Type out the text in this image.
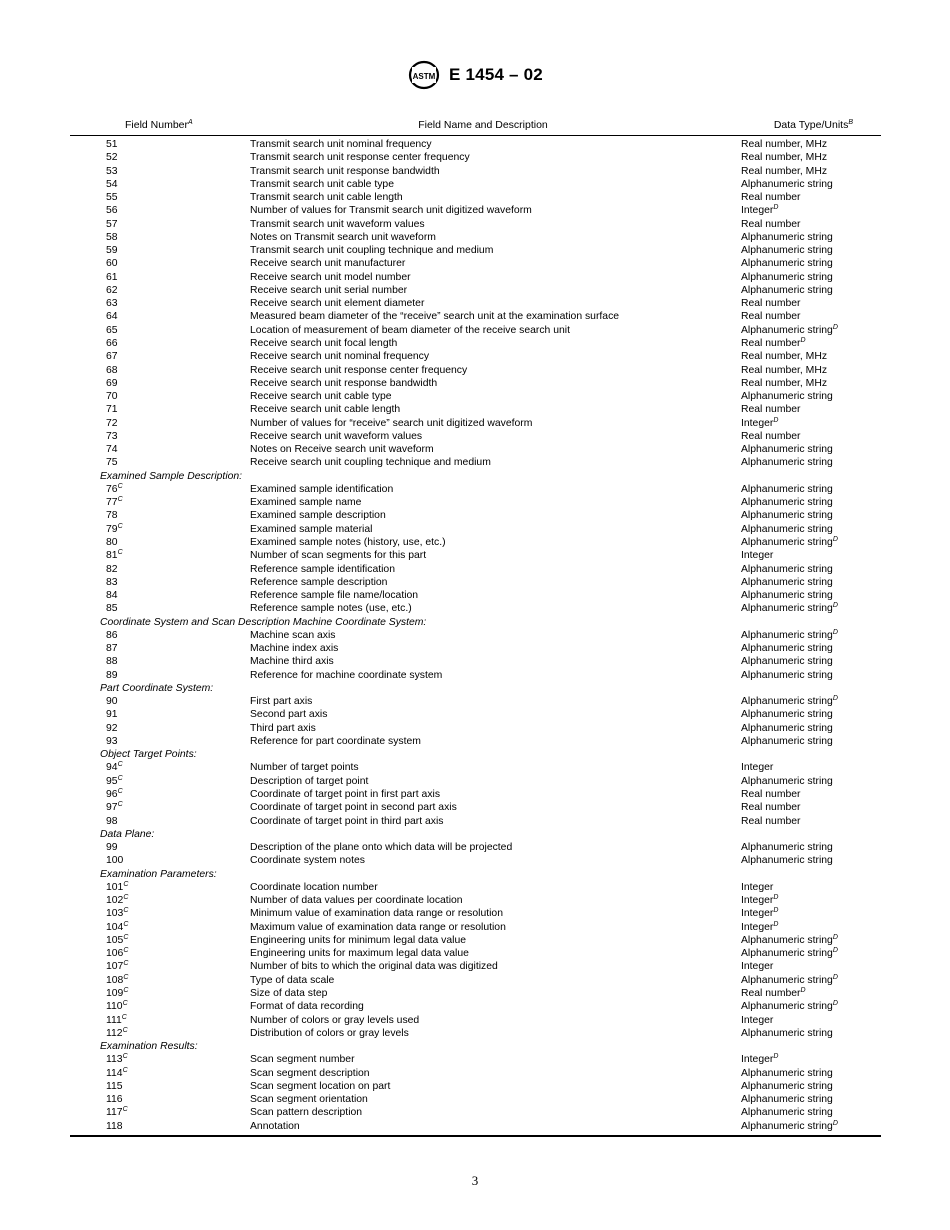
ASTM E 1454 – 02
Field Number$^A$	Field Name and Description	Data Type/Units$^B$
51	Transmit search unit nominal frequency	Real number, MHz
52	Transmit search unit response center frequency	Real number, MHz
53	Transmit search unit response bandwidth	Real number, MHz
54	Transmit search unit cable type	Alphanumeric string
55	Transmit search unit cable length	Real number
56	Number of values for Transmit search unit digitized waveform	Integer$^D$
57	Transmit search unit waveform values	Real number
58	Notes on Transmit search unit waveform	Alphanumeric string
59	Transmit search unit coupling technique and medium	Alphanumeric string
60	Receive search unit manufacturer	Alphanumeric string
61	Receive search unit model number	Alphanumeric string
62	Receive search unit serial number	Alphanumeric string
63	Receive search unit element diameter	Real number
64	Measured beam diameter of the “receive” search unit at the examination surface	Real number
65	Location of measurement of beam diameter of the receive search unit	Alphanumeric string$^D$
66	Receive search unit focal length	Real number$^D$
67	Receive search unit nominal frequency	Real number, MHz
68	Receive search unit response center frequency	Real number, MHz
69	Receive search unit response bandwidth	Real number, MHz
70	Receive search unit cable type	Alphanumeric string
71	Receive search unit cable length	Real number
72	Number of values for “receive” search unit digitized waveform	Integer$^D$
73	Receive search unit waveform values	Real number
74	Notes on Receive search unit waveform	Alphanumeric string
75	Receive search unit coupling technique and medium	Alphanumeric string
Examined Sample Description:
$76^C$	Examined sample identification	Alphanumeric string
$77^C$	Examined sample name	Alphanumeric string
78	Examined sample description	Alphanumeric string
$79^C$	Examined sample material	Alphanumeric string
80	Examined sample notes (history, use, etc.)	Alphanumeric string$^D$
$81^C$	Number of scan segments for this part	Integer
82	Reference sample identification	Alphanumeric string
83	Reference sample description	Alphanumeric string
84	Reference sample file name/location	Alphanumeric string
85	Reference sample notes (use, etc.)	Alphanumeric string$^D$
Coordinate System and Scan Description Machine Coordinate System:
86	Machine scan axis	Alphanumeric string$^D$
87	Machine index axis	Alphanumeric string
88	Machine third axis	Alphanumeric string
89	Reference for machine coordinate system	Alphanumeric string
Part Coordinate System:
90	First part axis	Alphanumeric string$^D$
91	Second part axis	Alphanumeric string
92	Third part axis	Alphanumeric string
93	Reference for part coordinate system	Alphanumeric string
Object Target Points:
$94^C$	Number of target points	Integer
$95^C$	Description of target point	Alphanumeric string
$96^C$	Coordinate of target point in first part axis	Real number
$97^C$	Coordinate of target point in second part axis	Real number
98	Coordinate of target point in third part axis	Real number
Data Plane:
99	Description of the plane onto which data will be projected	Alphanumeric string
100	Coordinate system notes	Alphanumeric string
Examination Parameters:
$101^C$	Coordinate location number	Integer
$102^C$	Number of data values per coordinate location	Integer$^D$
$103^C$	Minimum value of examination data range or resolution	Integer$^D$
$104^C$	Maximum value of examination data range or resolution	Integer$^D$
$105^C$	Engineering units for minimum legal data value	Alphanumeric string$^D$
$106^C$	Engineering units for maximum legal data value	Alphanumeric string$^D$
$107^C$	Number of bits to which the original data was digitized	Integer
$108^C$	Type of data scale	Alphanumeric string$^D$
$109^C$	Size of data step	Real number$^D$
$110^C$	Format of data recording	Alphanumeric string$^D$
$111^C$	Number of colors or gray levels used	Integer
$112^C$	Distribution of colors or gray levels	Alphanumeric string
Examination Results:
$113^C$	Scan segment number	Integer$^D$
$114^C$	Scan segment description	Alphanumeric string
115	Scan segment location on part	Alphanumeric string
116	Scan segment orientation	Alphanumeric string
$117^C$	Scan pattern description	Alphanumeric string
118	Annotation	Alphanumeric string$^D$
3
